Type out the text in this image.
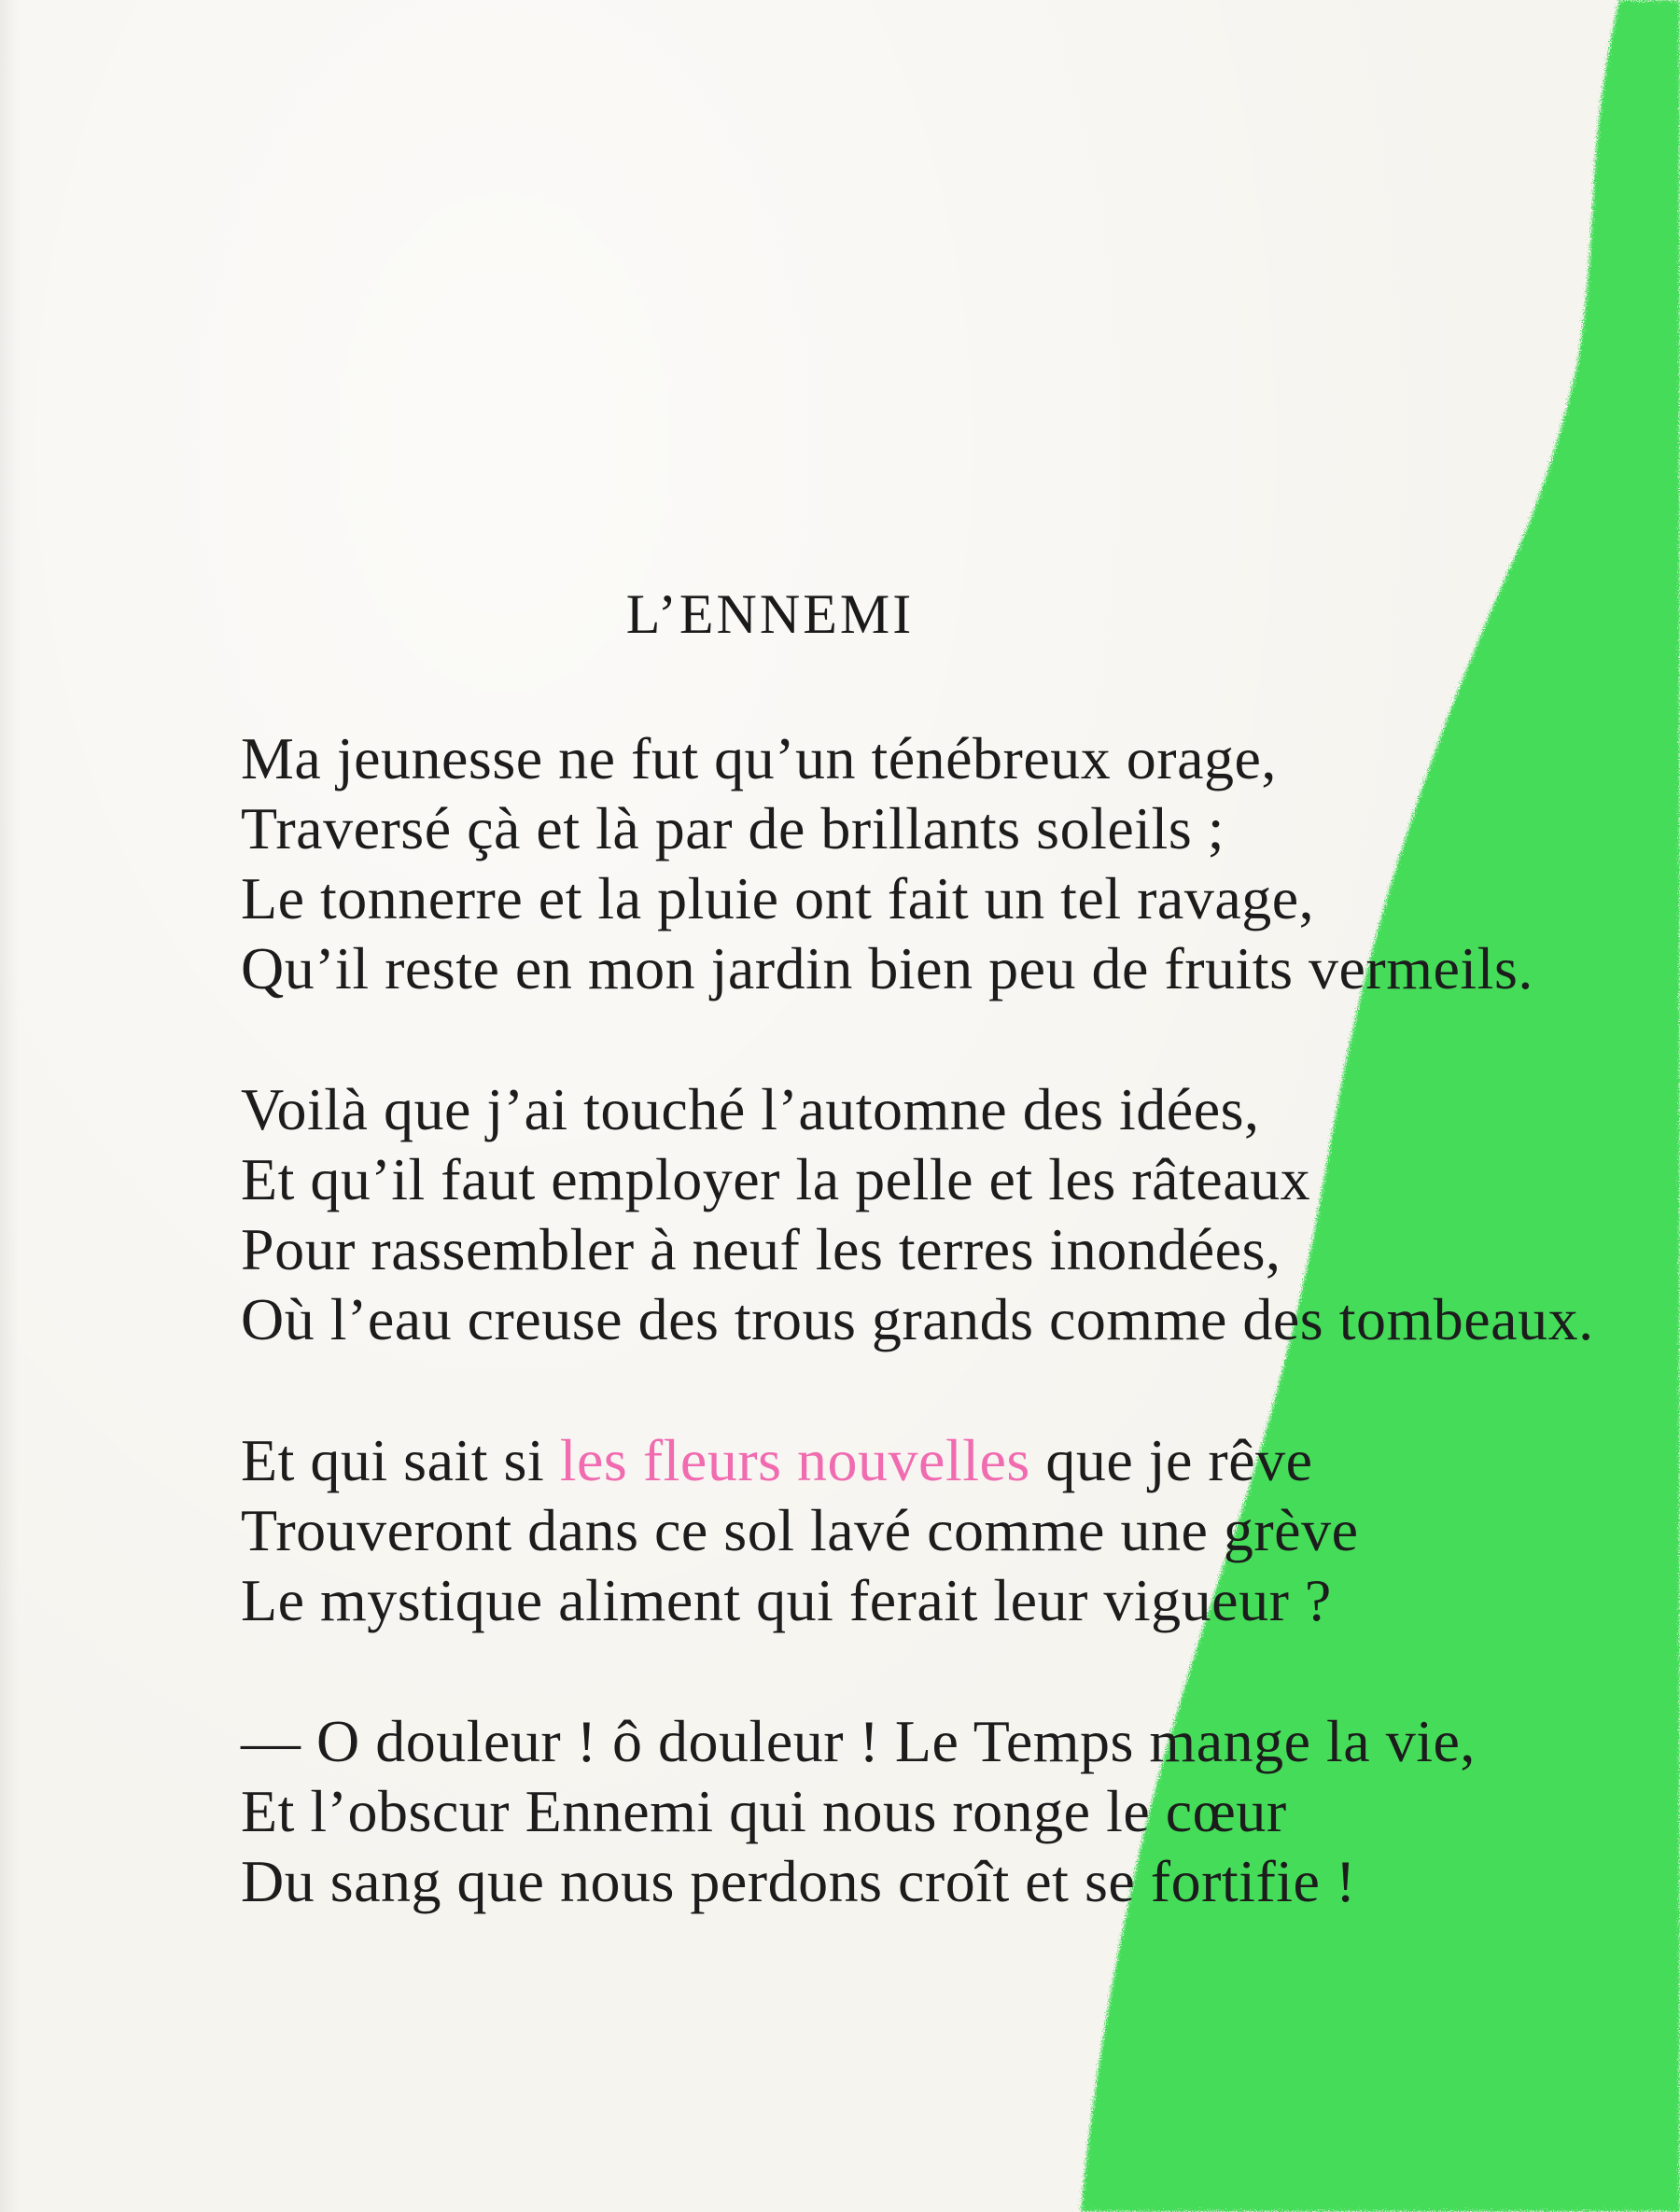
L’ENNEMI
Ma jeunesse ne fut qu’un ténébreux orage,
Traversé çà et là par de brillants soleils ;
Le tonnerre et la pluie ont fait un tel ravage,
Qu’il reste en mon jardin bien peu de fruits vermeils.
Voilà que j’ai touché l’automne des idées,
Et qu’il faut employer la pelle et les râteaux
Pour rassembler à neuf les terres inondées,
Où l’eau creuse des trous grands comme des tombeaux.
Et qui sait si les fleurs nouvelles que je rêve
Trouveront dans ce sol lavé comme une grève
Le mystique aliment qui ferait leur vigueur ?
— O douleur ! ô douleur ! Le Temps mange la vie,
Et l’obscur Ennemi qui nous ronge le cœur
Du sang que nous perdons croît et se fortifie !
